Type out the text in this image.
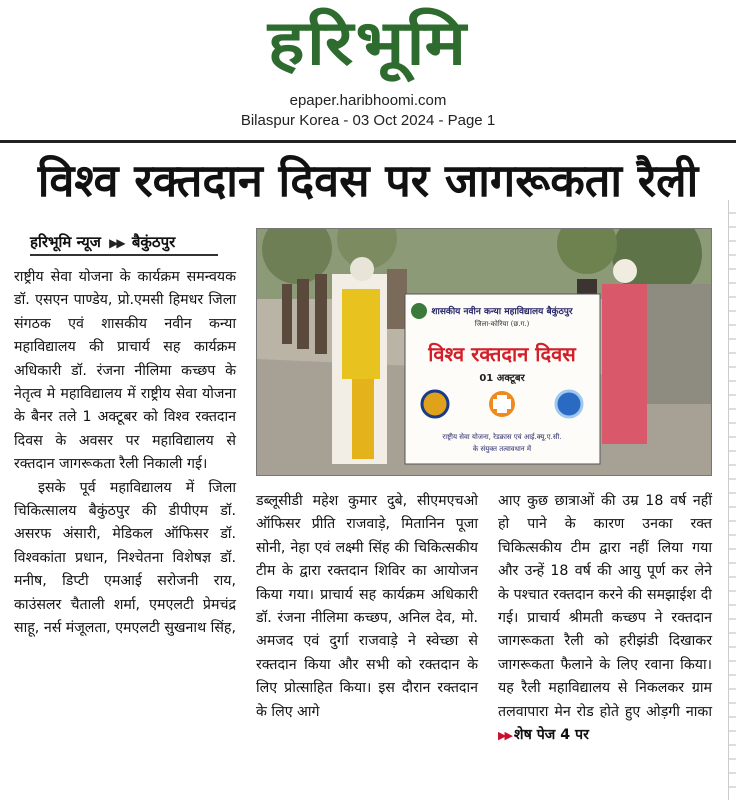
हरिभूमि
epaper.haribhoomi.com
Bilaspur Korea - 03 Oct 2024 - Page 1
विश्व रक्तदान दिवस पर जागरूकता रैली
हरिभूमि न्यूज ▶▶ बैकुंठपुर
शासकीय नवीन कन्या महाविद्यालय बैकुंठपुर
जिला-कोरिया (छ.ग.)
विश्व रक्तदान दिवस
01 अक्टूबर
राष्ट्रीय सेवा योजना, रेडक्रास एवं आई.क्यू.ए.सी.
के संयुक्त तत्वावधान में

राष्ट्रीय सेवा योजना के कार्यक्रम समन्वयक डॉ. एसएन पाण्डेय, प्रो.एमसी हिमधर जिला संगठक एवं शासकीय नवीन कन्या महाविद्यालय की प्राचार्य सह कार्यक्रम अधिकारी डॉ. रंजना नीलिमा कच्छप के नेतृत्व मे महाविद्यालय में राष्ट्रीय सेवा योजना के बैनर तले 1 अक्टूबर को विश्व रक्तदान दिवस के अवसर पर महाविद्यालय से रक्तदान जागरूकता रैली निकाली गई।

इसके पूर्व महाविद्यालय में जिला चिकित्सालय बैकुंठपुर की डीपीएम डॉ. असरफ अंसारी, मेडिकल ऑफिसर डॉ. विश्वकांता प्रधान, निश्चेतना विशेषज्ञ डॉ. मनीष, डिप्टी एमआई सरोजनी राय, काउंसलर चैताली शर्मा, एमएलटी प्रेमचंद्र साहू, नर्स मंजूलता, एमएलटी सुखनाथ सिंह,

डब्लूसीडी महेश कुमार दुबे, सीएमएचओ ऑफिसर प्रीति राजवाड़े, मितानिन पूजा सोनी, नेहा एवं लक्ष्मी सिंह की चिकित्सकीय टीम के द्वारा रक्तदान शिविर का आयोजन किया गया। प्राचार्य सह कार्यक्रम अधिकारी डॉ. रंजना नीलिमा कच्छप, अनिल देव, मो. अमजद एवं दुर्गा राजवाड़े ने स्वेच्छा से रक्तदान किया और सभी को रक्तदान के लिए प्रोत्साहित किया। इस दौरान रक्तदान के लिए आगे

आए कुछ छात्राओं की उम्र 18 वर्ष नहीं हो पाने के कारण उनका रक्त चिकित्सकीय टीम द्वारा नहीं लिया गया और उन्हें 18 वर्ष की आयु पूर्ण कर लेने के पश्चात रक्तदान करने की समझाईश दी गई। प्राचार्य श्रीमती कच्छप ने रक्तदान जागरूकता रैली को हरीझंडी दिखाकर जागरूकता फैलाने के लिए रवाना किया। यह रैली महाविद्यालय से निकलकर ग्राम तलवापारा मेन रोड होते हुए ओड़गी नाका ▶▶ शेष पेज 4 पर
